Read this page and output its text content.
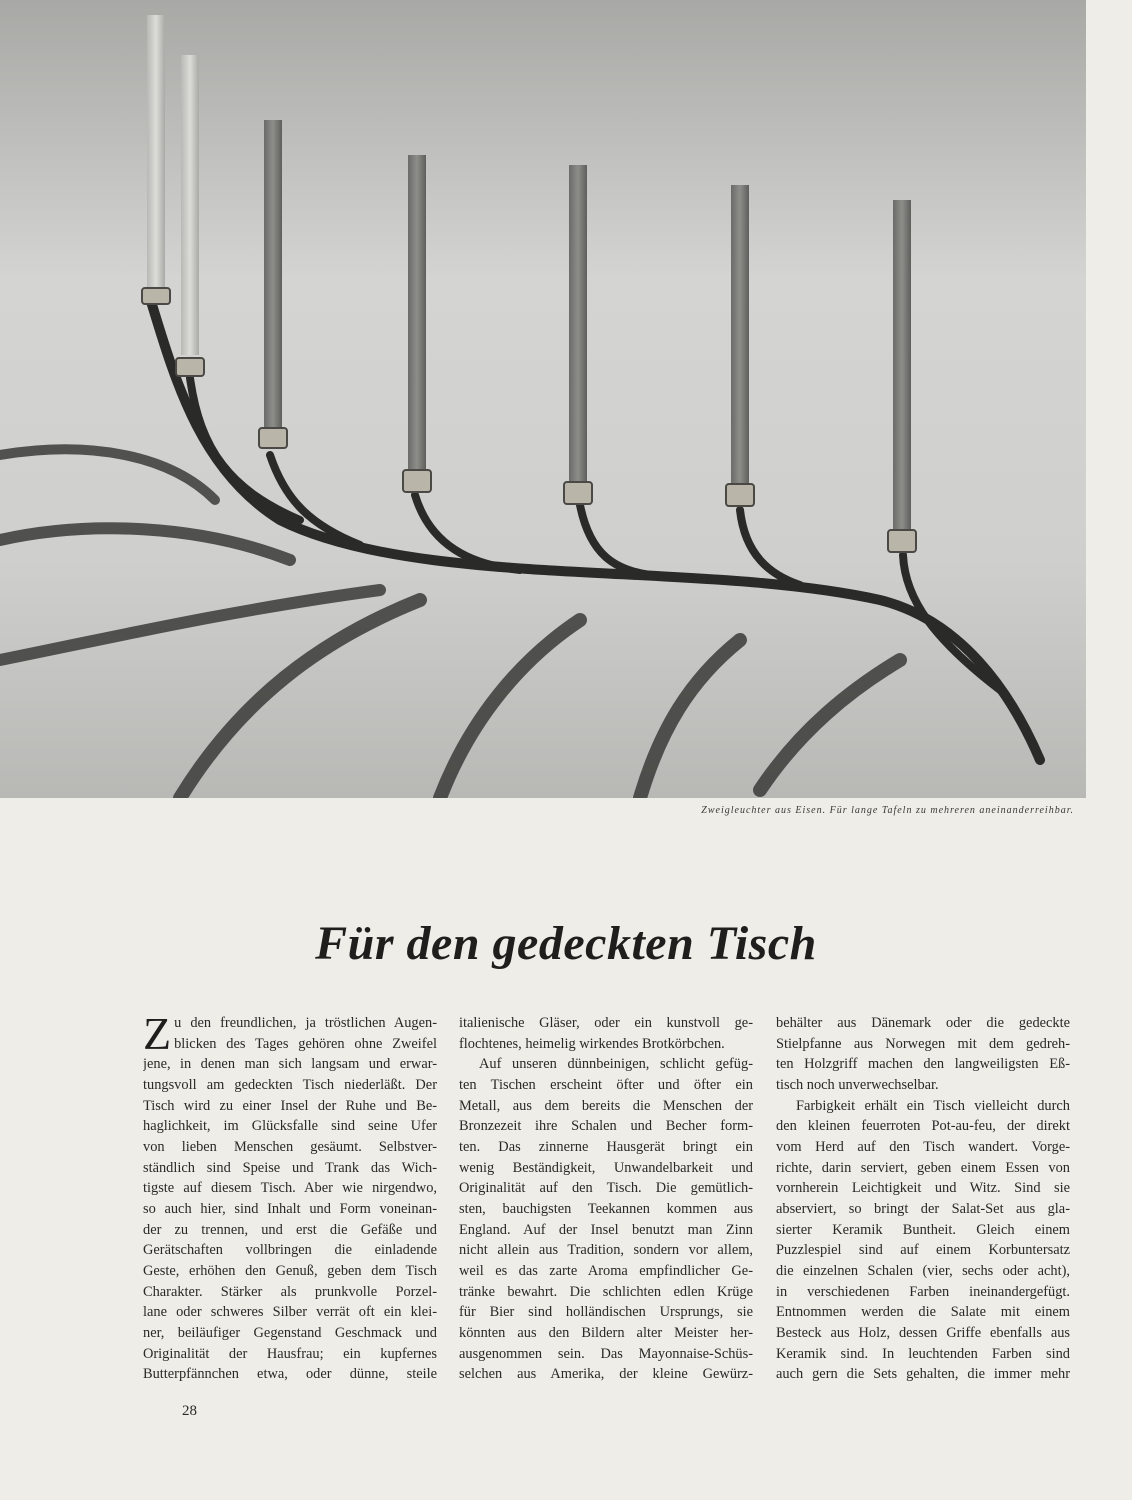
Zweigleuchter aus Eisen. Für lange Tafeln zu mehreren aneinanderreihbar.
Für den gedeckten Tisch
Z u den freundlichen, ja tröstlichen Augen-
blicken des Tages gehören ohne Zweifel
jene, in denen man sich langsam und erwar-
tungsvoll am gedeckten Tisch niederläßt. Der
Tisch wird zu einer Insel der Ruhe und Be-
haglichkeit, im Glücksfalle sind seine Ufer
von lieben Menschen gesäumt. Selbstver-
ständlich sind Speise und Trank das Wich-
tigste auf diesem Tisch. Aber wie nirgendwo,
so auch hier, sind Inhalt und Form voneinan-
der zu trennen, und erst die Gefäße und
Gerätschaften vollbringen die einladende
Geste, erhöhen den Genuß, geben dem Tisch
Charakter. Stärker als prunkvolle Porzel-
lane oder schweres Silber verrät oft ein klei-
ner, beiläufiger Gegenstand Geschmack und
Originalität der Hausfrau; ein kupfernes
Butterpfännchen etwa, oder dünne, steile
italienische Gläser, oder ein kunstvoll ge-
flochtenes, heimelig wirkendes Brotkörbchen.
Auf unseren dünnbeinigen, schlicht gefüg-
ten Tischen erscheint öfter und öfter ein
Metall, aus dem bereits die Menschen der
Bronzezeit ihre Schalen und Becher form-
ten. Das zinnerne Hausgerät bringt ein
wenig Beständigkeit, Unwandelbarkeit und
Originalität auf den Tisch. Die gemütlich-
sten, bauchigsten Teekannen kommen aus
England. Auf der Insel benutzt man Zinn
nicht allein aus Tradition, sondern vor allem,
weil es das zarte Aroma empfindlicher Ge-
tränke bewahrt. Die schlichten edlen Krüge
für Bier sind holländischen Ursprungs, sie
könnten aus den Bildern alter Meister her-
ausgenommen sein. Das Mayonnaise-Schüs-
selchen aus Amerika, der kleine Gewürz-
behälter aus Dänemark oder die gedeckte
Stielpfanne aus Norwegen mit dem gedreh-
ten Holzgriff machen den langweiligsten Eß-
tisch noch unverwechselbar.
Farbigkeit erhält ein Tisch vielleicht durch
den kleinen feuerroten Pot-au-feu, der direkt
vom Herd auf den Tisch wandert. Vorge-
richte, darin serviert, geben einem Essen von
vornherein Leichtigkeit und Witz. Sind sie
abserviert, so bringt der Salat-Set aus gla-
sierter Keramik Buntheit. Gleich einem
Puzzlespiel sind auf einem Korbuntersatz
die einzelnen Schalen (vier, sechs oder acht),
in verschiedenen Farben ineinandergefügt.
Entnommen werden die Salate mit einem
Besteck aus Holz, dessen Griffe ebenfalls aus
Keramik sind. In leuchtenden Farben sind
auch gern die Sets gehalten, die immer mehr
28
